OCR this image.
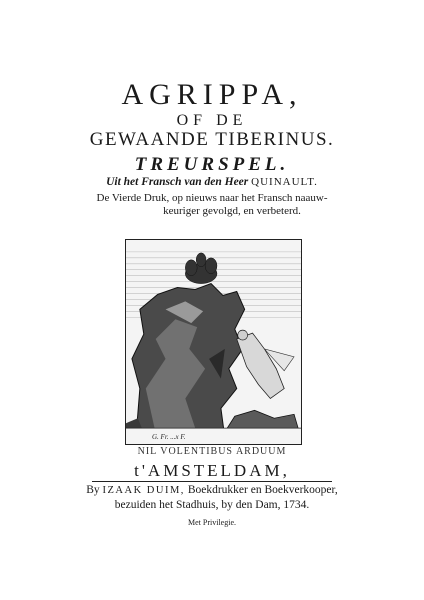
AGRIPPA,
OF DE
GEWAANDE TIBERINUS.
TREURSPEL.
Uit het Fransch van den Heer QUINAULT.
De Vierde Druk, op nieuws naar het Fransch naauw-
keuriger gevolgd, en verbeterd.
G. Fr. ...x F.
NIL VOLENTIBUS ARDUUM
t'AMSTELDAM,
By IZAAK DUIM, Boekdrukker en Boekverkooper,
bezuiden het Stadhuis, by den Dam, 1734.
Met Privilegie.
